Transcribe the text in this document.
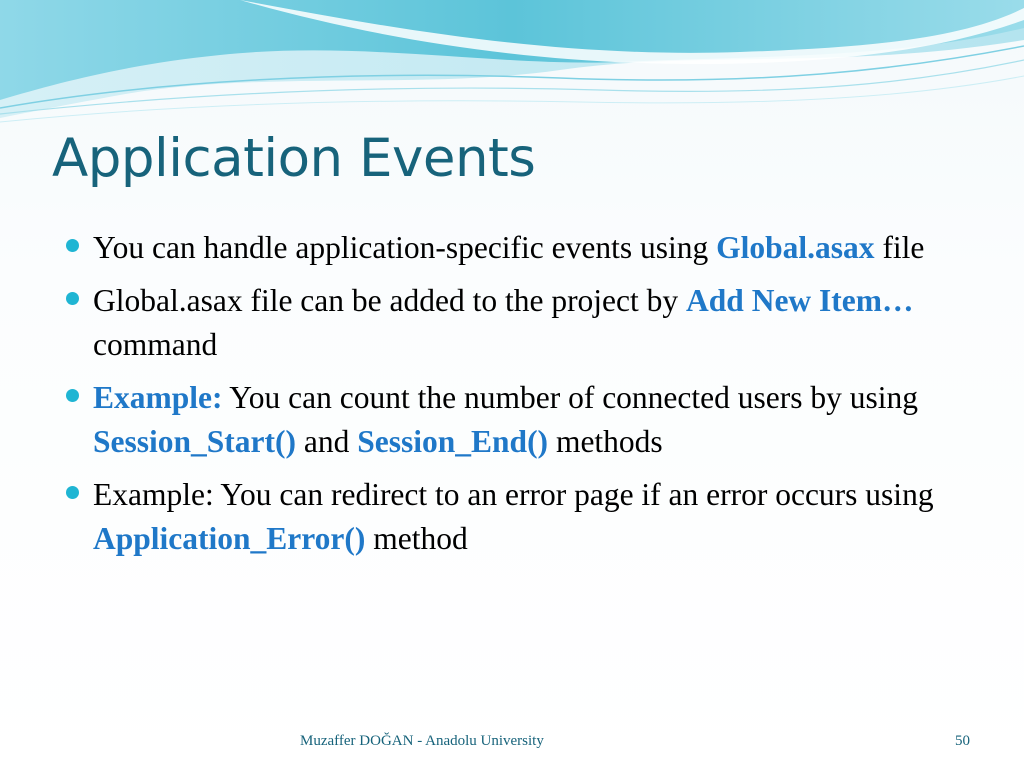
Application Events
You can handle application-specific events using Global.asax file
Global.asax file can be added to the project by Add New Item… command
Example: You can count the number of connected users by using Session_Start() and Session_End() methods
Example: You can redirect to an error page if an error occurs using Application_Error() method
Muzaffer DOĞAN - Anadolu University	50
